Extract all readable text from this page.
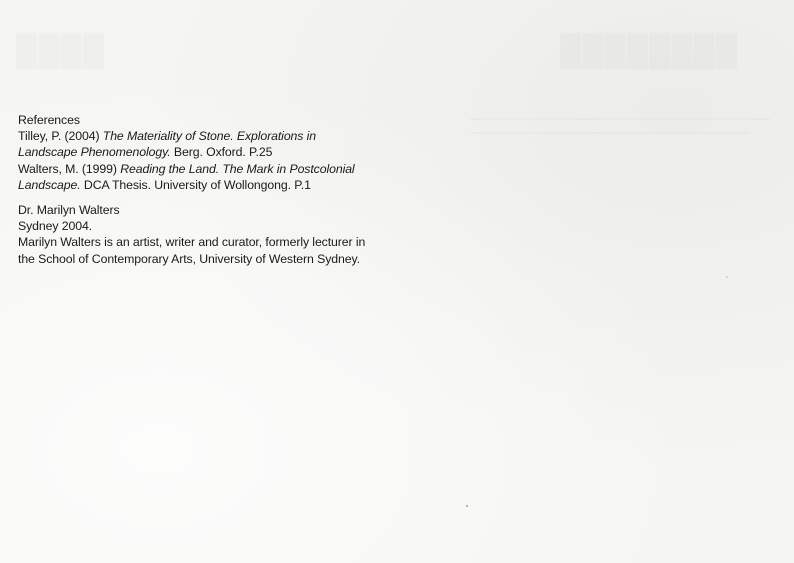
References

Tilley, P. (2004) The Materiality of Stone. Explorations in

Landscape Phenomenology. Berg. Oxford. P.25

Walters, M. (1999) Reading the Land. The Mark in Postcolonial

Landscape. DCA Thesis. University of Wollongong. P.1

Dr. Marilyn Walters

Sydney 2004.

Marilyn Walters is an artist, writer and curator, formerly lecturer in

the School of Contemporary Arts, University of Western Sydney.
